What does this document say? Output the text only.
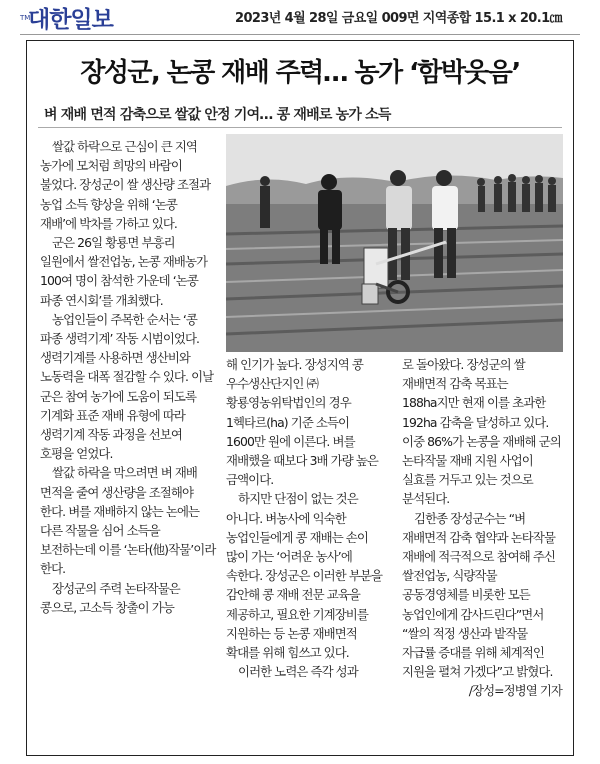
TM
대한일보	2023년 4월 28일 금요일 009면 지역종합 15.1 x 20.1㎝
장성군, 논콩 재배 주력… 농가 ‘함박웃음’
벼 재배 면적 감축으로 쌀값 안정 기여… 콩 재배로 농가 소득

쌀값 하락으로 근심이 큰 지역 농가에 모처럼 희망의 바람이 불었다. 장성군이 쌀 생산량 조절과 농업 소득 향상을 위해 ‘논콩 재배’에 박차를 가하고 있다.

군은 26일 황룡면 부흥리 일원에서 쌀전업농, 논콩 재배농가 100여 명이 참석한 가운데 ‘논콩 파종 연시회’를 개최했다.

농업인들이 주목한 순서는 ‘콩 파종 생력기계’ 작동 시범이었다. 생력기계를 사용하면 생산비와 노동력을 대폭 절감할 수 있다. 이날 군은 참여 농가에 도움이 되도록 기계화 표준 재배 유형에 따라 생력기계 작동 과정을 선보여 호평을 얻었다.

쌀값 하락을 막으려면 벼 재배 면적을 줄여 생산량을 조절해야 한다. 벼를 재배하지 않는 논에는 다른 작물을 심어 소득을 보전하는데 이를 ‘논타(他)작물’이라 한다.

장성군의 주력 논타작물은 콩으로, 고소득 창출이 가능

해 인기가 높다. 장성지역 콩 우수생산단지인 ㈜황룡영농위탁법인의 경우 1헥타르(ha) 기준 소득이 1600만 원에 이른다. 벼를 재배했을 때보다 3배 가량 높은 금액이다.

하지만 단점이 없는 것은 아니다. 벼농사에 익숙한 농업인들에게 콩 재배는 손이 많이 가는 ‘어려운 농사’에 속한다. 장성군은 이러한 부분을 감안해 콩 재배 전문 교육을 제공하고, 필요한 기계장비를 지원하는 등 논콩 재배면적 확대를 위해 힘쓰고 있다.

이러한 노력은 즉각 성과

로 돌아왔다. 장성군의 쌀 재배면적 감축 목표는 188ha지만 현재 이를 초과한 192ha 감축을 달성하고 있다. 이중 86%가 논콩을 재배해 군의 논타작물 재배 지원 사업이 실효를 거두고 있는 것으로 분석된다.

김한종 장성군수는 “벼 재배면적 감축 협약과 논타작물 재배에 적극적으로 참여해 주신 쌀전업농, 식량작물 공동경영체를 비롯한 모든 농업인에게 감사드린다”면서 “쌀의 적정 생산과 밭작물 자급률 증대를 위해 체계적인 지원을 펼쳐 가겠다”고 밝혔다.

/장성=정병열 기자
